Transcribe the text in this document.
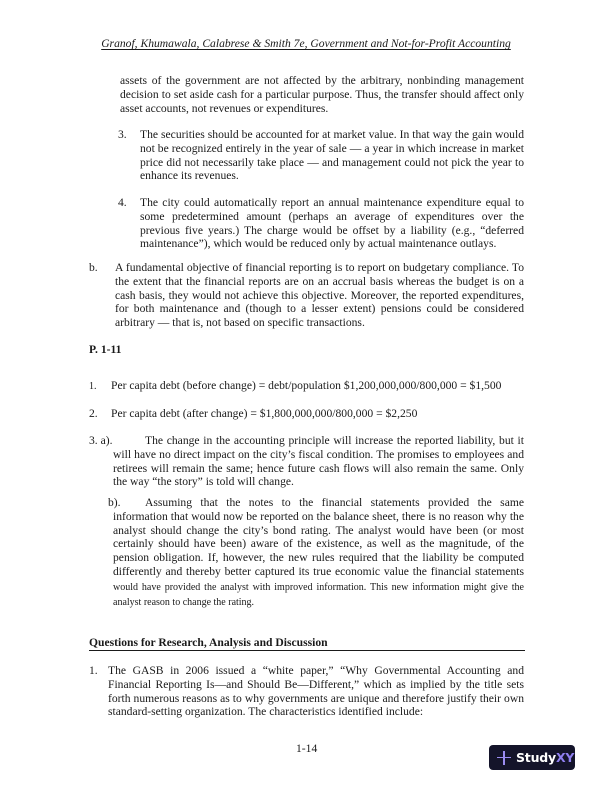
Granof, Khumawala, Calabrese & Smith 7e, Government and Not-for-Profit Accounting
assets of the government are not affected by the arbitrary, nonbinding management decision to set aside cash for a particular purpose. Thus, the transfer should affect only asset accounts, not revenues or expenditures.
3. The securities should be accounted for at market value. In that way the gain would not be recognized entirely in the year of sale — a year in which increase in market price did not necessarily take place — and management could not pick the year to enhance its revenues.
4. The city could automatically report an annual maintenance expenditure equal to some predetermined amount (perhaps an average of expenditures over the previous five years.) The charge would be offset by a liability (e.g., “deferred maintenance”), which would be reduced only by actual maintenance outlays.
b. A fundamental objective of financial reporting is to report on budgetary compliance. To the extent that the financial reports are on an accrual basis whereas the budget is on a cash basis, they would not achieve this objective. Moreover, the reported expenditures, for both maintenance and (though to a lesser extent) pensions could be considered arbitrary — that is, not based on specific transactions.
P. 1-11
1. Per capita debt (before change) = debt/population $1,200,000,000/800,000 = $1,500
2. Per capita debt (after change) = $1,800,000,000/800,000 = $2,250
3. a).	The change in the accounting principle will increase the reported liability, but it will have no direct impact on the city’s fiscal condition. The promises to employees and retirees will remain the same; hence future cash flows will also remain the same. Only the way “the story” is told will change.
b).	Assuming that the notes to the financial statements provided the same information that would now be reported on the balance sheet, there is no reason why the analyst should change the city’s bond rating. The analyst would have been (or most certainly should have been) aware of the existence, as well as the magnitude, of the pension obligation. If, however, the new rules required that the liability be computed differently and thereby better captured its true economic value the financial statements would have provided the analyst with improved information. This new information might give the analyst reason to change the rating.
Questions for Research, Analysis and Discussion
1. The GASB in 2006 issued a “white paper,” “Why Governmental Accounting and Financial Reporting Is—and Should Be—Different,” which as implied by the title sets forth numerous reasons as to why governments are unique and therefore justify their own standard-setting organization. The characteristics identified include:
1-14
Study XY
